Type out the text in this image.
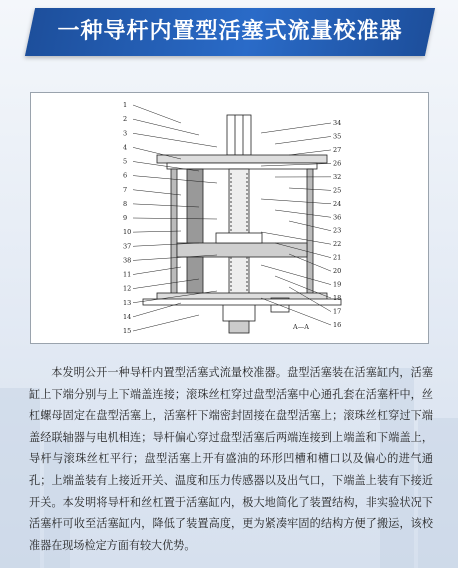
一种导杆内置型活塞式流量校准器
1
2
3
4
5
6
7
8
9
10
37
38
11
12
13
14
15
34
35
27
26
32
25
24
36
23
22
21
20
19
18
17
16
A—A
本发明公开一种导杆内置型活塞式流量校准器。盘型活塞装在活塞缸内，活塞缸上下端分别与上下端盖连接；滚珠丝杠穿过盘型活塞中心通孔套在活塞杆中，丝杠螺母固定在盘型活塞上，活塞杆下端密封固接在盘型活塞上；滚珠丝杠穿过下端盖经联轴器与电机相连；导杆偏心穿过盘型活塞后两端连接到上端盖和下端盖上，导杆与滚珠丝杠平行；盘型活塞上开有盛油的环形凹槽和槽口以及偏心的进气通孔；上端盖装有上接近开关、温度和压力传感器以及出气口，下端盖上装有下接近开关。本发明将导杆和丝杠置于活塞缸内，极大地简化了装置结构，非实验状况下活塞杆可收至活塞缸内，降低了装置高度，更为紧凑牢固的结构方便了搬运，该校准器在现场检定方面有较大优势。
